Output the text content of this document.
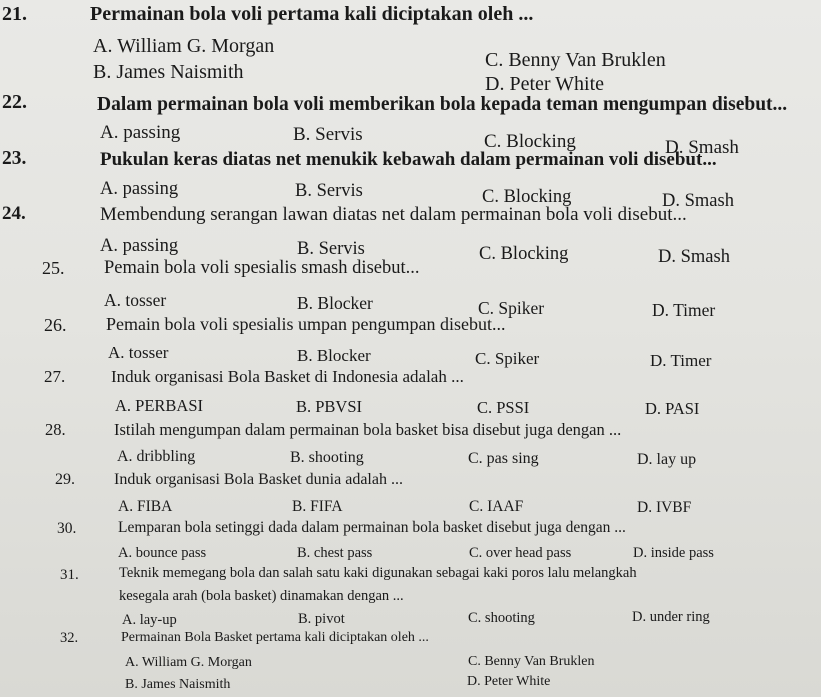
21.	Permainan bola voli pertama kali diciptakan oleh ...
A. William G. Morgan
B. James Naismith
C. Benny Van Bruklen
D. Peter White
22.	Dalam permainan bola voli memberikan bola kepada teman mengumpan disebut...
A. passing	B. Servis	C. Blocking	D. Smash
23.	Pukulan keras diatas net menukik kebawah dalam permainan voli disebut...
A. passing	B. Servis	C. Blocking	D. Smash
24.	Membendung serangan lawan diatas net dalam permainan bola voli disebut...
A. passing	B. Servis	C. Blocking	D. Smash
25. Pemain bola voli spesialis smash disebut...
A. tosser	B. Blocker	C. Spiker	D. Timer
26. Pemain bola voli spesialis umpan pengumpan disebut...
A. tosser	B. Blocker	C. Spiker	D. Timer
27.	Induk organisasi Bola Basket di Indonesia adalah ...
A. PERBASI	B. PBVSI	C. PSSI	D. PASI
28.	Istilah mengumpan dalam permainan bola basket bisa disebut juga dengan ...
A. dribbling	B. shooting	C. pas sing	D. lay up
29. Induk organisasi Bola Basket dunia adalah ...
A. FIBA	B. FIFA	C. IAAF	D. IVBF
30.	Lemparan bola setinggi dada dalam permainan bola basket disebut juga dengan ...
A. bounce pass	B. chest pass	C. over head pass	D. inside pass
31.	Teknik memegang bola dan salah satu kaki digunakan sebagai kaki poros lalu melangkah
kesegala arah (bola basket) dinamakan dengan ...
A. lay-up	B. pivot	C. shooting	D. under ring
32.	Permainan Bola Basket pertama kali diciptakan oleh ...
A. William G. Morgan
B. James Naismith
C. Benny Van Bruklen
D. Peter White
